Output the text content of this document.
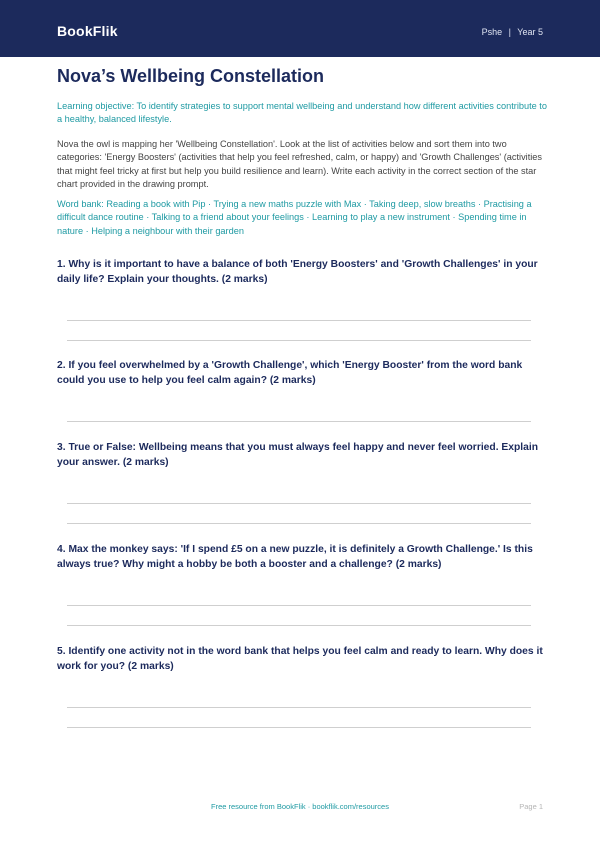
BookFlik	Pshe | Year 5
Nova’s Wellbeing Constellation

Learning objective: To identify strategies to support mental wellbeing and understand how different activities contribute to a healthy, balanced lifestyle.

Nova the owl is mapping her 'Wellbeing Constellation'. Look at the list of activities below and sort them into two categories: 'Energy Boosters' (activities that help you feel refreshed, calm, or happy) and 'Growth Challenges' (activities that might feel tricky at first but help you build resilience and learn). Write each activity in the correct section of the star chart provided in the drawing prompt.

Word bank: Reading a book with Pip · Trying a new maths puzzle with Max · Taking deep, slow breaths · Practising a difficult dance routine · Talking to a friend about your feelings · Learning to play a new instrument · Spending time in nature · Helping a neighbour with their garden

1. Why is it important to have a balance of both 'Energy Boosters' and 'Growth Challenges' in your daily life? Explain your thoughts. (2 marks)

2. If you feel overwhelmed by a 'Growth Challenge', which 'Energy Booster' from the word bank could you use to help you feel calm again? (2 marks)

3. True or False: Wellbeing means that you must always feel happy and never feel worried. Explain your answer. (2 marks)

4. Max the monkey says: 'If I spend £5 on a new puzzle, it is definitely a Growth Challenge.' Is this always true? Why might a hobby be both a booster and a challenge? (2 marks)

5. Identify one activity not in the word bank that helps you feel calm and ready to learn. Why does it work for you? (2 marks)

Free resource from BookFlik · bookflik.com/resources	Page 1
